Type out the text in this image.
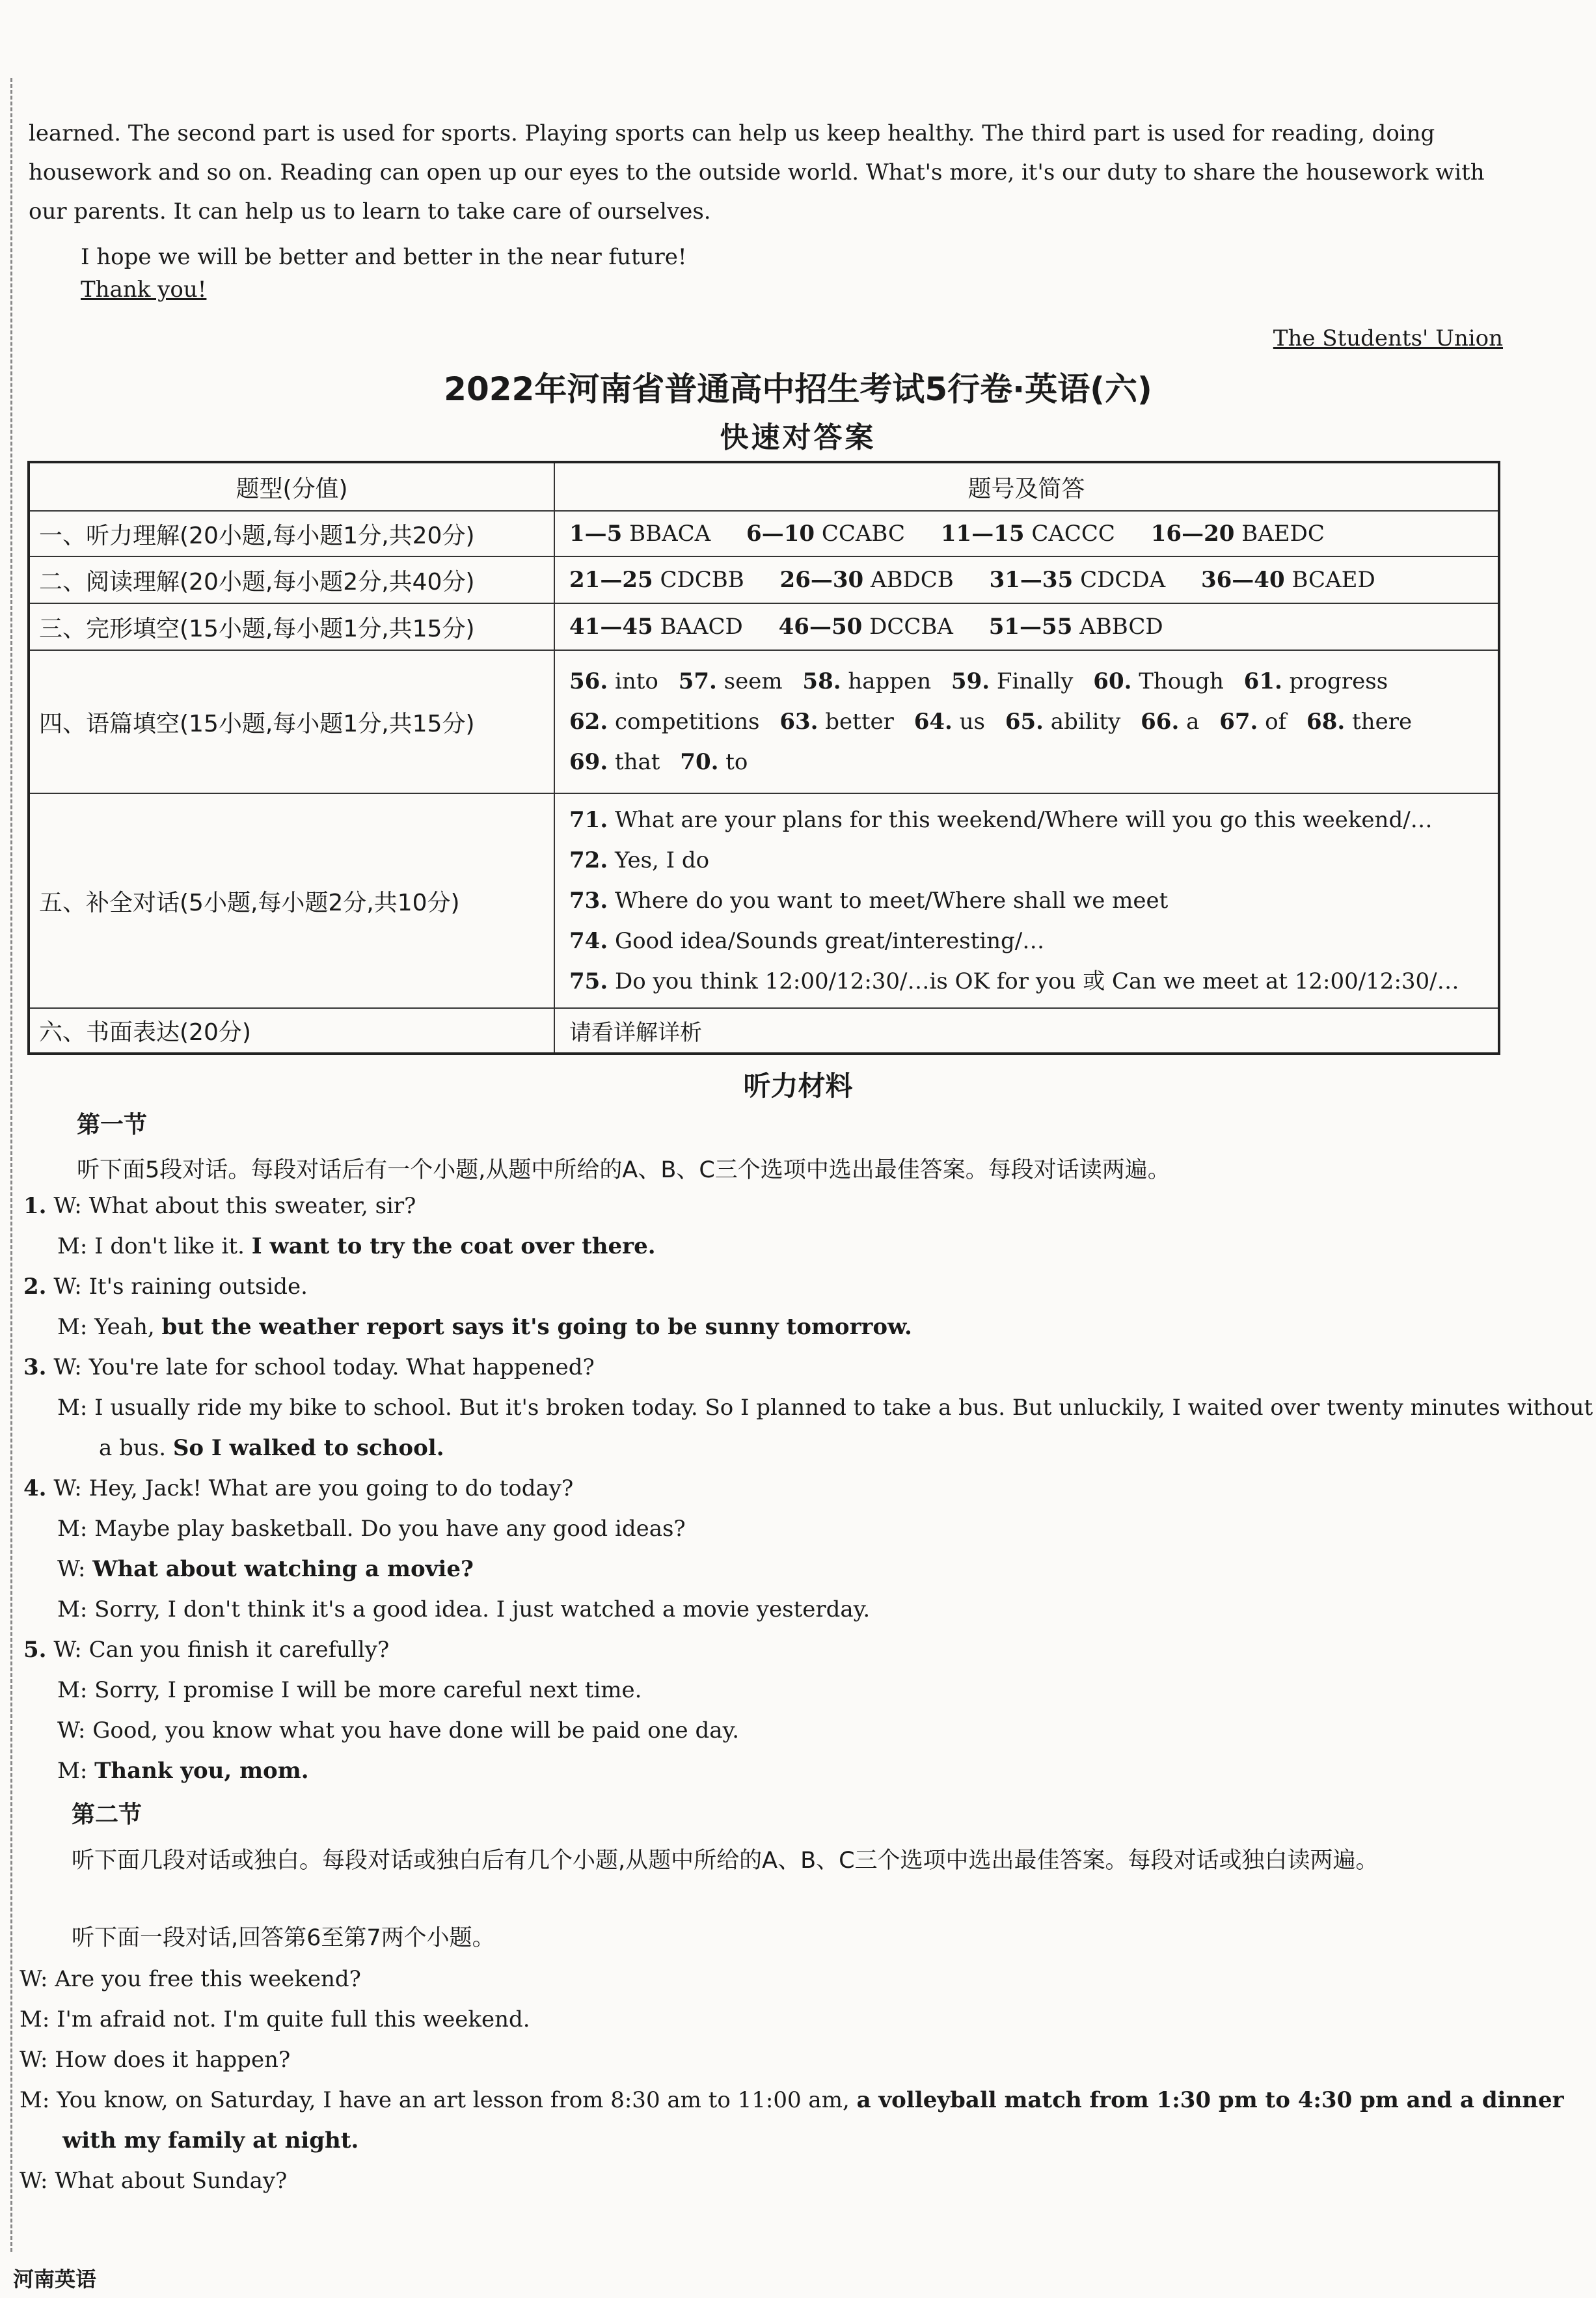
learned. The second part is used for sports. Playing sports can help us keep healthy. The third part is used for reading, doing housework and so on. Reading can open up our eyes to the outside world. What's more, it's our duty to share the housework with our parents. It can help us to learn to take care of ourselves.
I hope we will be better and better in the near future!
Thank you!
The Students' Union
2022年河南省普通高中招生考试5行卷·英语(六)
快速对答案
题型(分值)	题号及简答
一、听力理解(20小题,每小题1分,共20分)	1—5 BBACA 6—10 CCABC 11—15 CACCC 16—20 BAEDC
二、阅读理解(20小题,每小题2分,共40分)	21—25 CDCBB 26—30 ABDCB 31—35 CDCDA 36—40 BCAED
三、完形填空(15小题,每小题1分,共15分)	41—45 BAACD 46—50 DCCBA 51—55 ABBCD
四、语篇填空(15小题,每小题1分,共15分)	56. into 57. seem 58. happen 59. Finally 60. Though 61. progress
62. competitions 63. better 64. us 65. ability 66. a 67. of 68. there
69. that 70. to

五、补全对话(5小题,每小题2分,共10分)	71. What are your plans for this weekend/Where will you go this weekend/…
72. Yes, I do
73. Where do you want to meet/Where shall we meet
74. Good idea/Sounds great/interesting/…
75. Do you think 12:00/12:30/…is OK for you 或 Can we meet at 12:00/12:30/…

六、书面表达(20分)	请看详解详析
听力材料
第一节
听下面5段对话。每段对话后有一个小题,从题中所给的A、B、C三个选项中选出最佳答案。每段对话读两遍。
1. W: What about this sweater, sir?
M: I don't like it. I want to try the coat over there.
2. W: It's raining outside.
M: Yeah, but the weather report says it's going to be sunny tomorrow.
3. W: You're late for school today. What happened?
M: I usually ride my bike to school. But it's broken today. So I planned to take a bus. But unluckily, I waited over twenty minutes without
a bus. So I walked to school.
4. W: Hey, Jack! What are you going to do today?
M: Maybe play basketball. Do you have any good ideas?
W: What about watching a movie?
M: Sorry, I don't think it's a good idea. I just watched a movie yesterday.
5. W: Can you finish it carefully?
M: Sorry, I promise I will be more careful next time.
W: Good, you know what you have done will be paid one day.
M: Thank you, mom.
第二节
听下面几段对话或独白。每段对话或独白后有几个小题,从题中所给的A、B、C三个选项中选出最佳答案。每段对话或独白读两遍。
听下面一段对话,回答第6至第7两个小题。
W: Are you free this weekend?
M: I'm afraid not. I'm quite full this weekend.
W: How does it happen?
M: You know, on Saturday, I have an art lesson from 8:30 am to 11:00 am, a volleyball match from 1:30 pm to 4:30 pm and a dinner
with my family at night.
W: What about Sunday?
河南英语
